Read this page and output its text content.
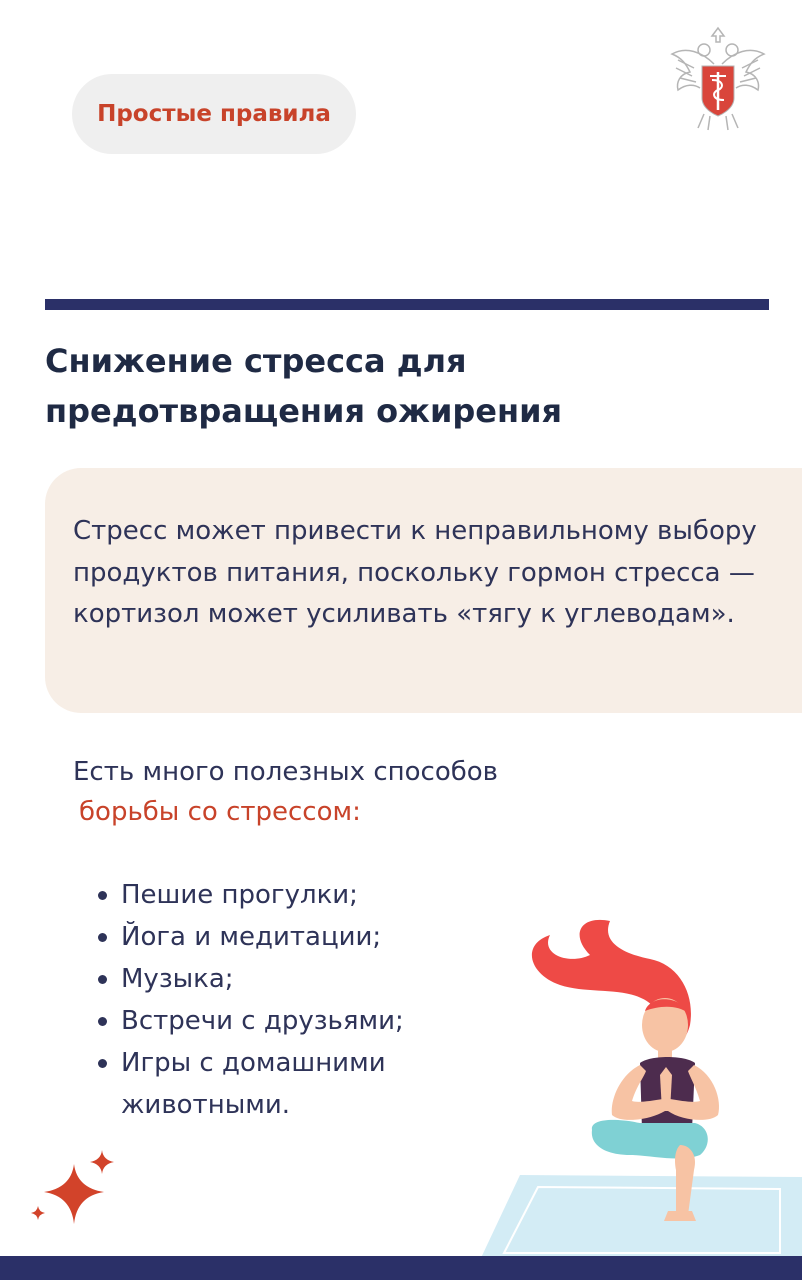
Простые правила
Снижение стресса для предотвращения ожирения

Стресс может привести к неправильному выбору продуктов питания, поскольку гормон стресса — кортизол может усиливать «тягу к углеводам».

Есть много полезных способов
борьбы со стрессом:

Пешие прогулки;
Йога и медитации;
Музыка;
Встречи с друзьями;
Игры с домашними животными.
